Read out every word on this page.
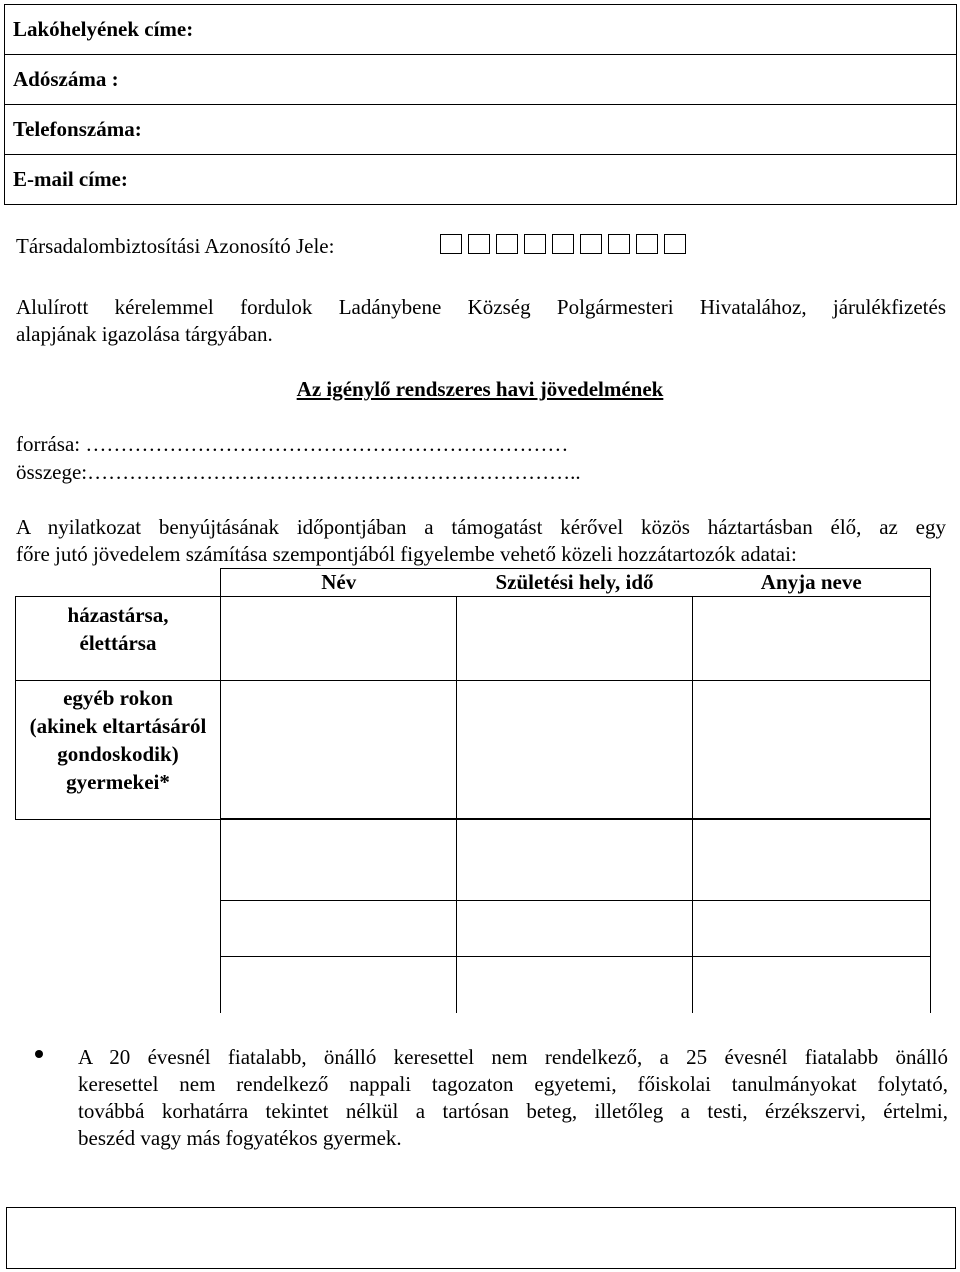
Lakóhelyének címe:
Adószáma :
Telefonszáma:
E-mail címe:
Társadalombiztosítási Azonosító Jele:
Alulírott kérelemmel fordulok Ladánybene Község Polgármesteri Hivatalához, járulékfizetés
alapjának igazolása tárgyában.
Az igénylő rendszeres havi jövedelmének
forrása: ……………………………………………………………
összege:……………………………………………………………..
A nyilatkozat benyújtásának időpontjában a támogatást kérővel közös háztartásban élő, az egy
főre jutó jövedelem számítása szempontjából figyelembe vehető közeli hozzátartozók adatai:
	Név	Születési hely, idő	Anyja neve

házastársa,
élettársa			

egyéb rokon
(akinek eltartásáról
gondoskodik)
gyermekei*			

A 20 évesnél fiatalabb, önálló keresettel nem rendelkező, a 25 évesnél fiatalabb önálló
keresettel nem rendelkező nappali tagozaton egyetemi, főiskolai tanulmányokat folytató,
továbbá korhatárra tekintet nélkül a tartósan beteg, illetőleg a testi, érzékszervi, értelmi,
beszéd vagy más fogyatékos gyermek.
